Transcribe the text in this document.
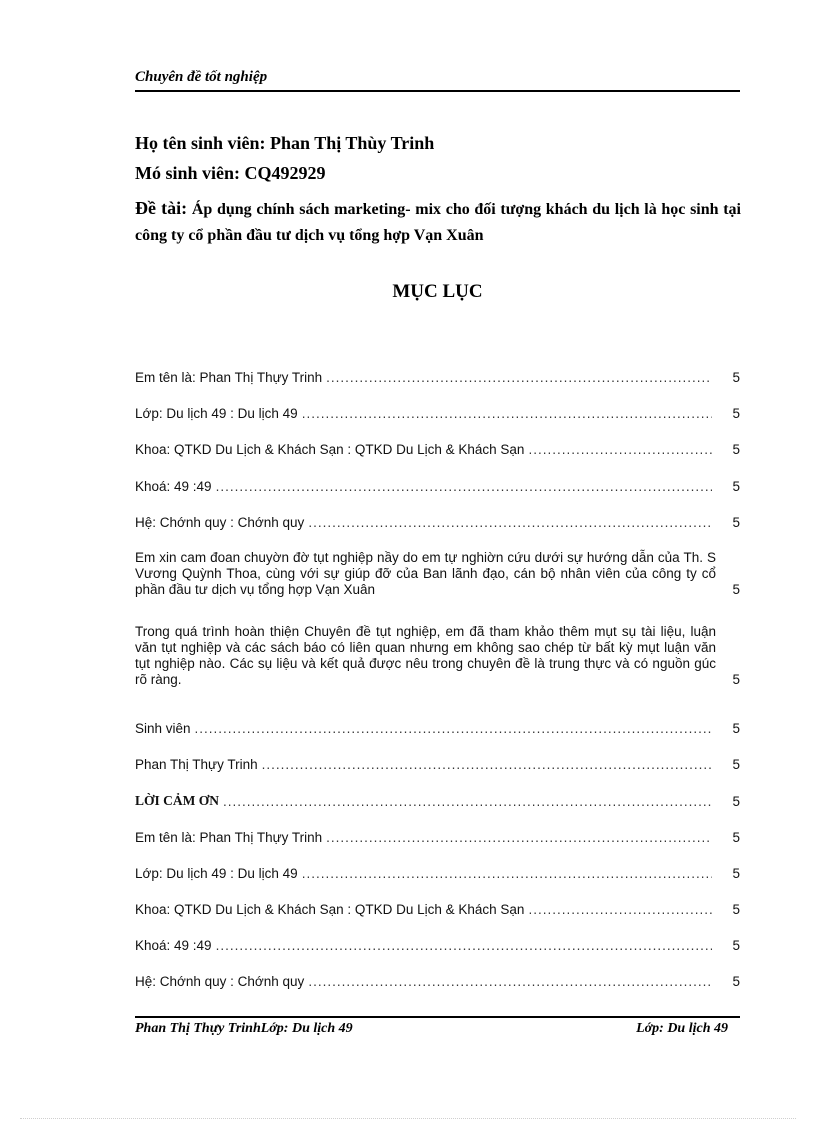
Chuyên đề tốt nghiệp
Họ tên sinh viên: Phan Thị Thùy Trinh
Mó sinh viên: CQ492929
Đề tài: Áp dụng chính sách marketing- mix cho đối tượng khách du lịch là học sinh tại công ty cổ phần đầu tư dịch vụ tổng hợp Vạn Xuân
MỤC LỤC
Em tên là: Phan Thị Thựy Trinh .....	5
Lớp: Du lịch 49 : Du lịch 49 .....	5
Khoa: QTKD Du Lịch & Khách Sạn : QTKD Du Lịch & Khách Sạn .....	5
Khoá: 49 :49 .....	5
Hệ: Chớnh quy : Chớnh quy .....	5
Em xin cam đoan chuyờn đờ tụt nghiệp nầy do em tự nghiờn cứu dưới sự hướng dẫn của Th. S Vương Quỳnh Thoa, cùng với sự giúp đỡ của Ban lãnh đạo, cán bộ nhân viên của công ty cổ phần đầu tư dịch vụ tổng hợp Vạn Xuân	5
Trong quá trình hoàn thiện Chuyên đề tụt nghiệp, em đã tham khảo thêm mụt sụ tài liệu, luận văn tụt nghiệp và các sách báo có liên quan nhưng em không sao chép từ bất kỳ mụt luận văn tụt nghiệp nào. Các sụ liệu và kết quả được nêu trong chuyên đề là trung thực và có nguồn gúc rõ ràng.	5
Sinh viên .....	5
Phan Thị Thựy Trinh .....	5
LỜI CẢM ƠN .....	5
Em tên là: Phan Thị Thựy Trinh .....	5
Lớp: Du lịch 49 : Du lịch 49 .....	5
Khoa: QTKD Du Lịch & Khách Sạn : QTKD Du Lịch & Khách Sạn .....	5
Khoá: 49 :49 .....	5
Hệ: Chớnh quy : Chớnh quy .....	5
Phan Thị Thựy TrinhLớp: Du lịch 49	Lớp: Du lịch 49
